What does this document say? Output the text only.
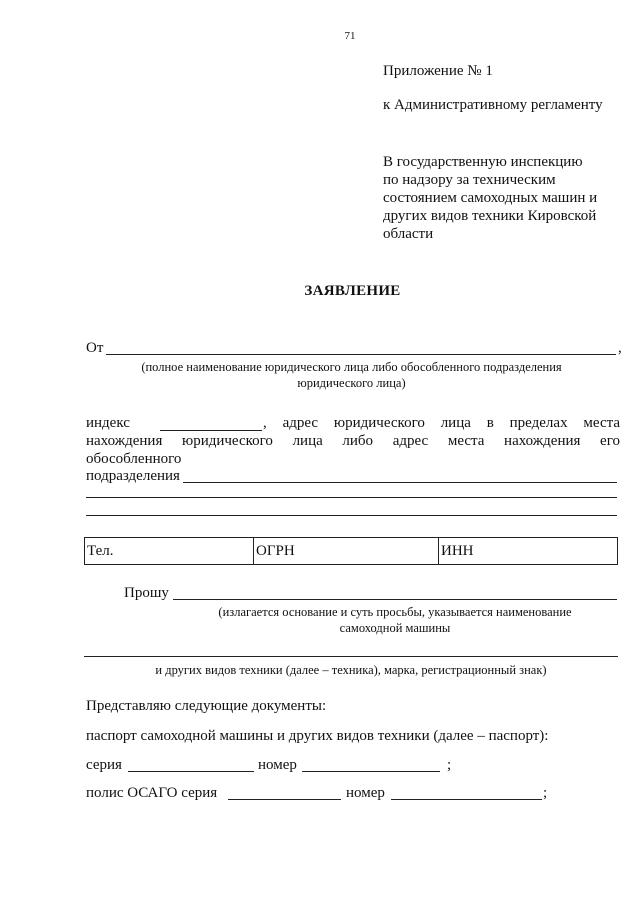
71
Приложение № 1
к Административному регламенту
В государственную инспекцию
по надзору за техническим
состоянием самоходных машин и
других видов техники Кировской
области
ЗАЯВЛЕНИЕ
От	,
(полное наименование юридического лица либо обособленного подразделения
юридического лица)
индекс	, адрес юридического лица в пределах места
нахождения юридического лица либо адрес места нахождения его
обособленного
подразделения
Тел.	ОГРН	ИНН
Прошу
(излагается основание и суть просьбы, указывается наименование
самоходной машины
и других видов техники (далее – техника), марка, регистрационный знак)
Представляю следующие документы:
паспорт самоходной машины и других видов техники (далее – паспорт):
серия	номер	;
полис ОСАГО серия	номер	;
